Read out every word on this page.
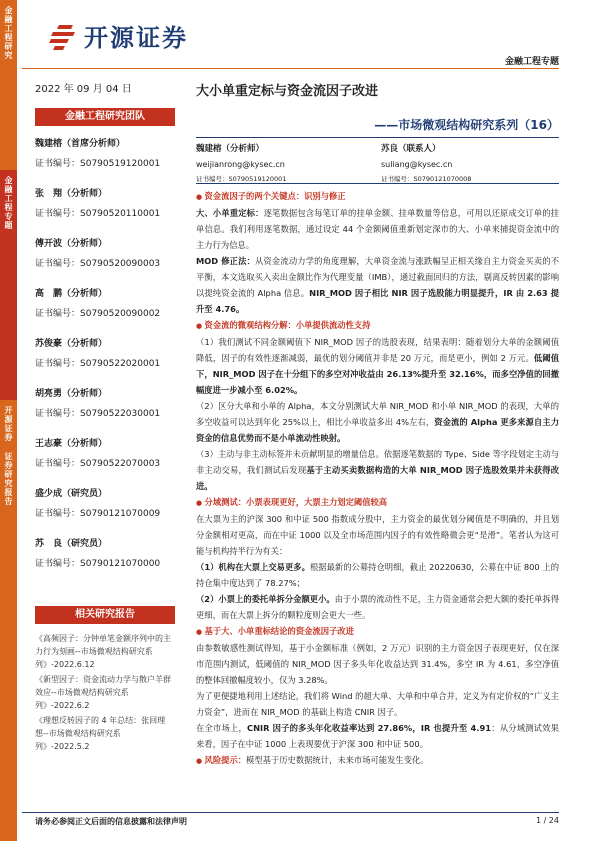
金融工程研究
金融工程专题
开源证券 证券研究报告
开源证券
金融工程专题
2022 年 09 月 04 日
金融工程研究团队
魏建榕（首席分析师）
证书编号：S0790519120001
张　翔（分析师）
证书编号：S0790520110001
傅开波（分析师）
证书编号：S0790520090003
高　鹏（分析师）
证书编号：S0790520090002
苏俊豪（分析师）
证书编号：S0790522020001
胡亮勇（分析师）
证书编号：S0790522030001
王志豪（分析师）
证书编号：S0790522070003
盛少成（研究员）
证书编号：S0790121070009
苏　良（研究员）
证书编号：S0790121070000
相关研究报告

《高频因子：分钟单笔金额序列中的主力行为刻画--市场微观结构研究系列》-2022.6.12

《新型因子：资金流动力学与散户羊群效应--市场微观结构研究系列》-2022.6.2

《理想反转因子的 4 年总结：张回理想--市场微观结构研究系列》-2022.5.2

大小单重定标与资金流因子改进
——市场微观结构研究系列（16）
魏建榕（分析师）
weijianrong@kysec.cn
证书编号：S0790519120001
苏良（联系人）
suliang@kysec.cn
证书编号：S0790121070008

● 资金流因子的两个关键点：识别与修正

大、小单重定标：逐笔数据包含每笔订单的挂单金额、挂单数量等信息，可用以还原成交订单的挂单信息。我们利用逐笔数据，通过设定 44 个金额阈值重新划定深市的大、小单来捕捉资金流中的主力行为信息。

MOD 修正法：从资金流动力学的角度理解，大单资金流与涨跌幅呈正相关缘自主力资金买卖的不平衡，本文选取买入卖出金额比作为代理变量（IMB），通过截面回归的方法，剔离反转因素的影响以提纯资金流的 Alpha 信息。NIR_MOD 因子相比 NIR 因子选股能力明显提升，IR 由 2.63 提升至 4.76。

● 资金流的微观结构分解：小单提供流动性支持

（1）我们测试不同金额阈值下 NIR_MOD 因子的选股表现，结果表明：随着划分大单的金额阈值降低，因子的有效性逐渐减弱，最优的划分阈值并非是 20 万元，而是更小，例如 2 万元。低阈值下，NIR_MOD 因子在十分组下的多空对冲收益由 26.13%提升至 32.16%，而多空净值的回撤幅度进一步减小至 6.02%。

（2）区分大单和小单的 Alpha，本文分别测试大单 NIR_MOD 和小单 NIR_MOD 的表现，大单的多空收益可以达到年化 25%以上，相比小单收益多出 4%左右，资金流的 Alpha 更多来源自主力资金的信息优势而不是小单流动性映射。

（3）主动与非主动标签并未贡献明显的增量信息。依据逐笔数据的 Type、Side 等字段划定主动与非主动交易，我们测试后发现基于主动买卖数据构造的大单 NIR_MOD 因子选股效果并未获得改进。

● 分域测试：小票表现更好，大票主力划定阈值较高

在大票为主的沪深 300 和中证 500 指数成分股中，主力资金的最优划分阈值是不明确的，并且划分金额相对更高，而在中证 1000 以及全市场范围内因子的有效性略微会更“是滑”。笔者认为这可能与机构持半行为有关：

（1）机构在大票上交易更多。根据最新的公募持仓明细，截止 20220630，公募在中证 800 上的持仓集中度达到了 78.27%；

（2）小票上的委托单拆分金额更小。由于小票的流动性不足，主力资金通常会把大额的委托单拆得更细，而在大票上拆分的颗粒度则会更大一些。

● 基于大、小单重标结论的资金流因子改进

由参数敏感性测试得知，基于小金额标准（例如，2 万元）识别的主力资金因子表现更好，仅在深市范围内测试，低阈值的 NIR_MOD 因子多头年化收益达到 31.4%，多空 IR 为 4.61，多空净值的整体回撤幅度较小，仅为 3.28%。

为了更便捷地利用上述结论，我们将 Wind 的超大单、大单和中单合并，定义为有定价权的“广义主力资金”，进而在 NIR_MOD 的基础上构造 CNIR 因子。

在全市场上，CNIR 因子的多头年化收益率达到 27.86%，IR 也提升至 4.91：从分域测试效果来看，因子在中证 1000 上表现要优于沪深 300 和中证 500。

● 风险提示：模型基于历史数据统计，未来市场可能发生变化。

请务必参阅正文后面的信息披露和法律声明	1 / 24
